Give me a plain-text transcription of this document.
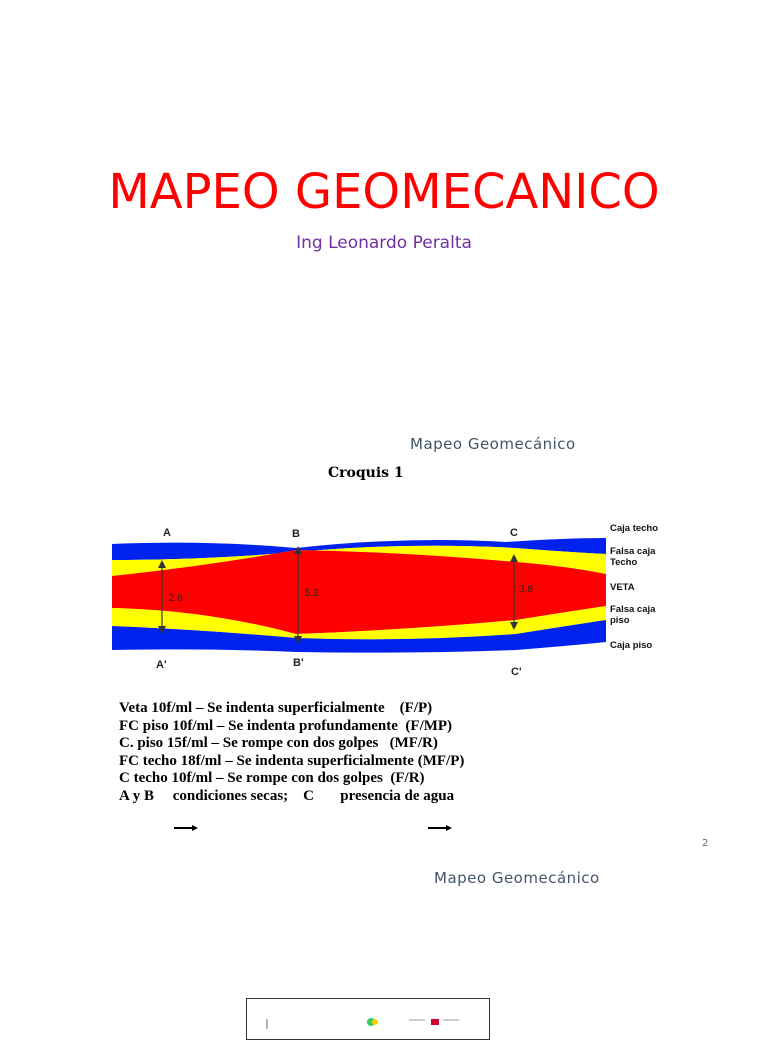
MAPEO GEOMECANICO
Ing Leonardo Peralta
Mapeo Geomecánico
Croquis 1
2.8	5.2	3.8
A	B	C
A'	B'
C'
Caja techo
Falsa caja Techo
VETA
Falsa caja piso
Caja piso
Veta 10f/ml – Se indenta superficialmente    (F/P)
FC piso 10f/ml – Se indenta profundamente  (F/MP)
C. piso 15f/ml – Se rompe con dos golpes   (MF/R)
FC techo 18f/ml – Se indenta superficialmente (MF/P)
C techo 10f/ml – Se rompe con dos golpes  (F/R)
A y B     condiciones secas;    C       presencia de agua
2
Mapeo Geomecánico
